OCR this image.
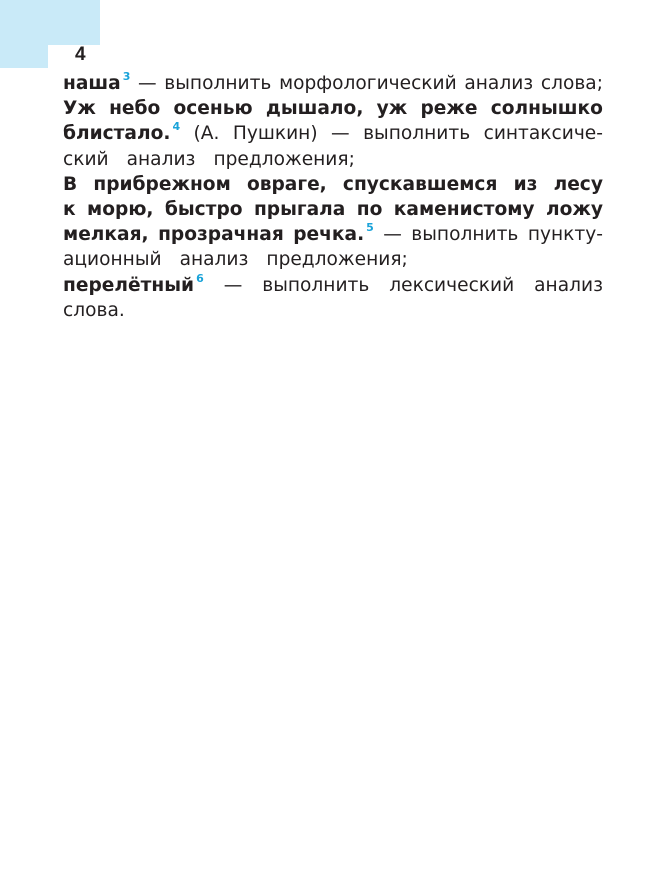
4
наша $^3$ — выполнить морфологический анализ слова;
Уж небо осенью дышало, уж реже солнышко
блистало. $^4$ (А. Пушкин) — выполнить синтаксиче-
ский анализ предложения;
В прибрежном овраге, спускавшемся из лесу
к морю, быстро прыгала по каменистому ложу
мелкая, прозрачная речка. $^5$ — выполнить пункту-
ационный анализ предложения;
перелётный $^6$ — выполнить лексический анализ
слова.
